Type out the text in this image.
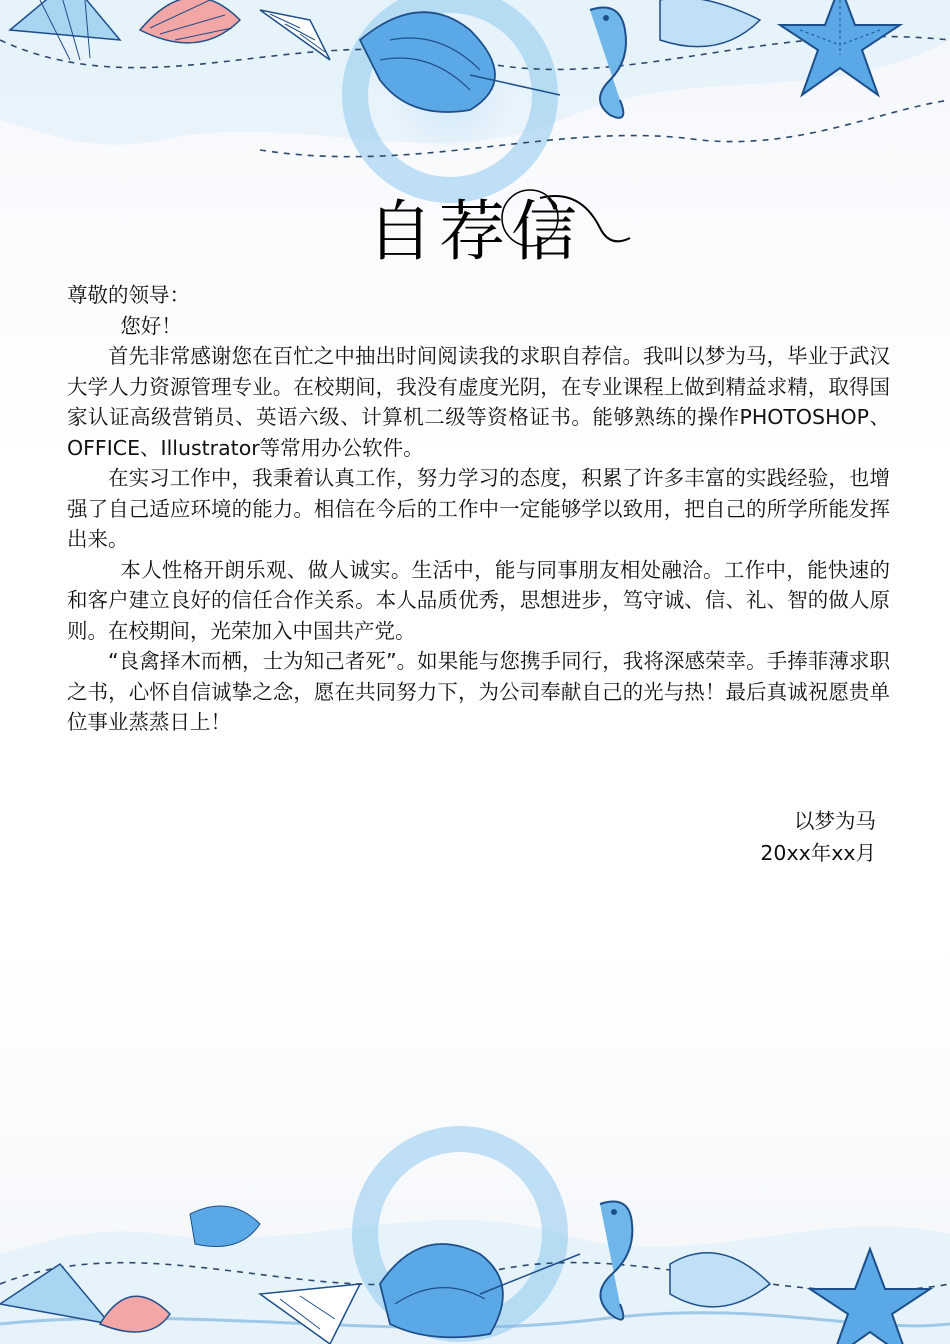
自荐信

尊敬的领导：

您好！

首先非常感谢您在百忙之中抽出时间阅读我的求职自荐信。我叫以梦为马，毕业于武汉大学人力资源管理专业。在校期间，我没有虚度光阴，在专业课程上做到精益求精，取得国家认证高级营销员、英语六级、计算机二级等资格证书。能够熟练的操作PHOTOSHOP、OFFICE、Illustrator等常用办公软件。

在实习工作中，我秉着认真工作，努力学习的态度，积累了许多丰富的实践经验，也增强了自己适应环境的能力。相信在今后的工作中一定能够学以致用，把自己的所学所能发挥出来。

本人性格开朗乐观、做人诚实。生活中，能与同事朋友相处融洽。工作中，能快速的和客户建立良好的信任合作关系。本人品质优秀，思想进步，笃守诚、信、礼、智的做人原则。在校期间，光荣加入中国共产党。

“良禽择木而栖，士为知己者死”。如果能与您携手同行，我将深感荣幸。手捧菲薄求职之书，心怀自信诚挚之念，愿在共同努力下，为公司奉献自己的光与热！最后真诚祝愿贵单位事业蒸蒸日上！

以梦为马
20xx年xx月
